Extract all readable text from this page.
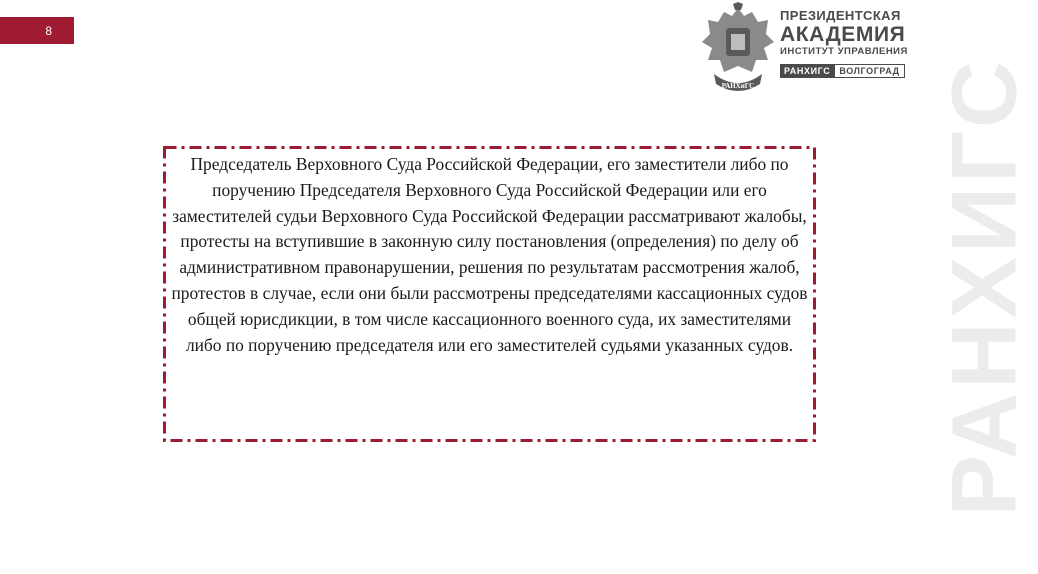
8
РАНХИГС
РАНХиГС
ПРЕЗИДЕНТСКАЯ
АКАДЕМИЯ
ИНСТИТУТ УПРАВЛЕНИЯ
РАНХИГС	ВОЛГОГРАД
Председатель Верховного Суда Российской Федерации, его заместители либо по поручению Председателя Верховного Суда Российской Федерации или его заместителей судьи Верховного Суда Российской Федерации рассматривают жалобы, протесты на вступившие в законную силу постановления (определения) по делу об административном правонарушении, решения по результатам рассмотрения жалоб, протестов в случае, если они были рассмотрены председателями кассационных судов общей юрисдикции, в том числе кассационного военного суда, их заместителями либо по поручению председателя или его заместителей судьями указанных судов.
